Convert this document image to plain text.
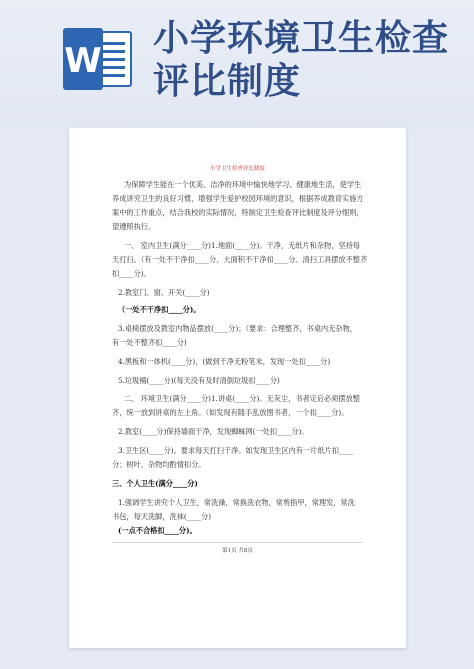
W
小学环境卫生检查
评比制度
小学卫生检查评比制度
为保障学生能在一个优美、洁净的环境中愉快地学习、健康地生活，使学生
养成讲究卫生的良好习惯，增强学生爱护校园环境的意识，根据养成教育实施方
案中的工作重点，结合我校的实际情况，特制定卫生检查评比制度及评分细则，
望遵照执行。
一、 室内卫生(满分____分)1.地面(____分)。干净，无纸片和杂物，坚持每
天打扫。（有一处不干净扣____分、大面积不干净扣____分、清扫工具摆放不整齐
扣____分)。
2.教室门、窗、开关(____分)
（一处不干净扣____分)。
3.桌椅摆放及教室内物品摆放(____分)；（要求：合理整齐，书桌内无杂物，
有一处不整齐扣____分)
4.黑板和一体机(____分)，(做到干净无粉笔末，发现一处扣____分)
5.垃圾桶(____分)(每天没有及时清倒垃圾扣____分)
二、 环境卫生(满分____分)1.讲桌(____分)。无灰尘，书者定后必须摆放整
齐，统一放到讲桌的左上角。（如发现有随手乱放图书者，一个扣____分)。
2.教室(____分)保持墙面干净，发现蜘蛛网(一处扣____分)。
3.卫生区(____分)。要求每天打扫干净。如发现卫生区内有一片纸片扣____
分；树叶、杂物均酌情扣分。
三、个人卫生(满分____分)
1.强调学生讲究个人卫生，常洗澡，常换洗衣物，常剪指甲，常理发，常洗
书包，每天洗脚，洗袜(____分)
(一点不合格扣____分)。
第1页 共8页
